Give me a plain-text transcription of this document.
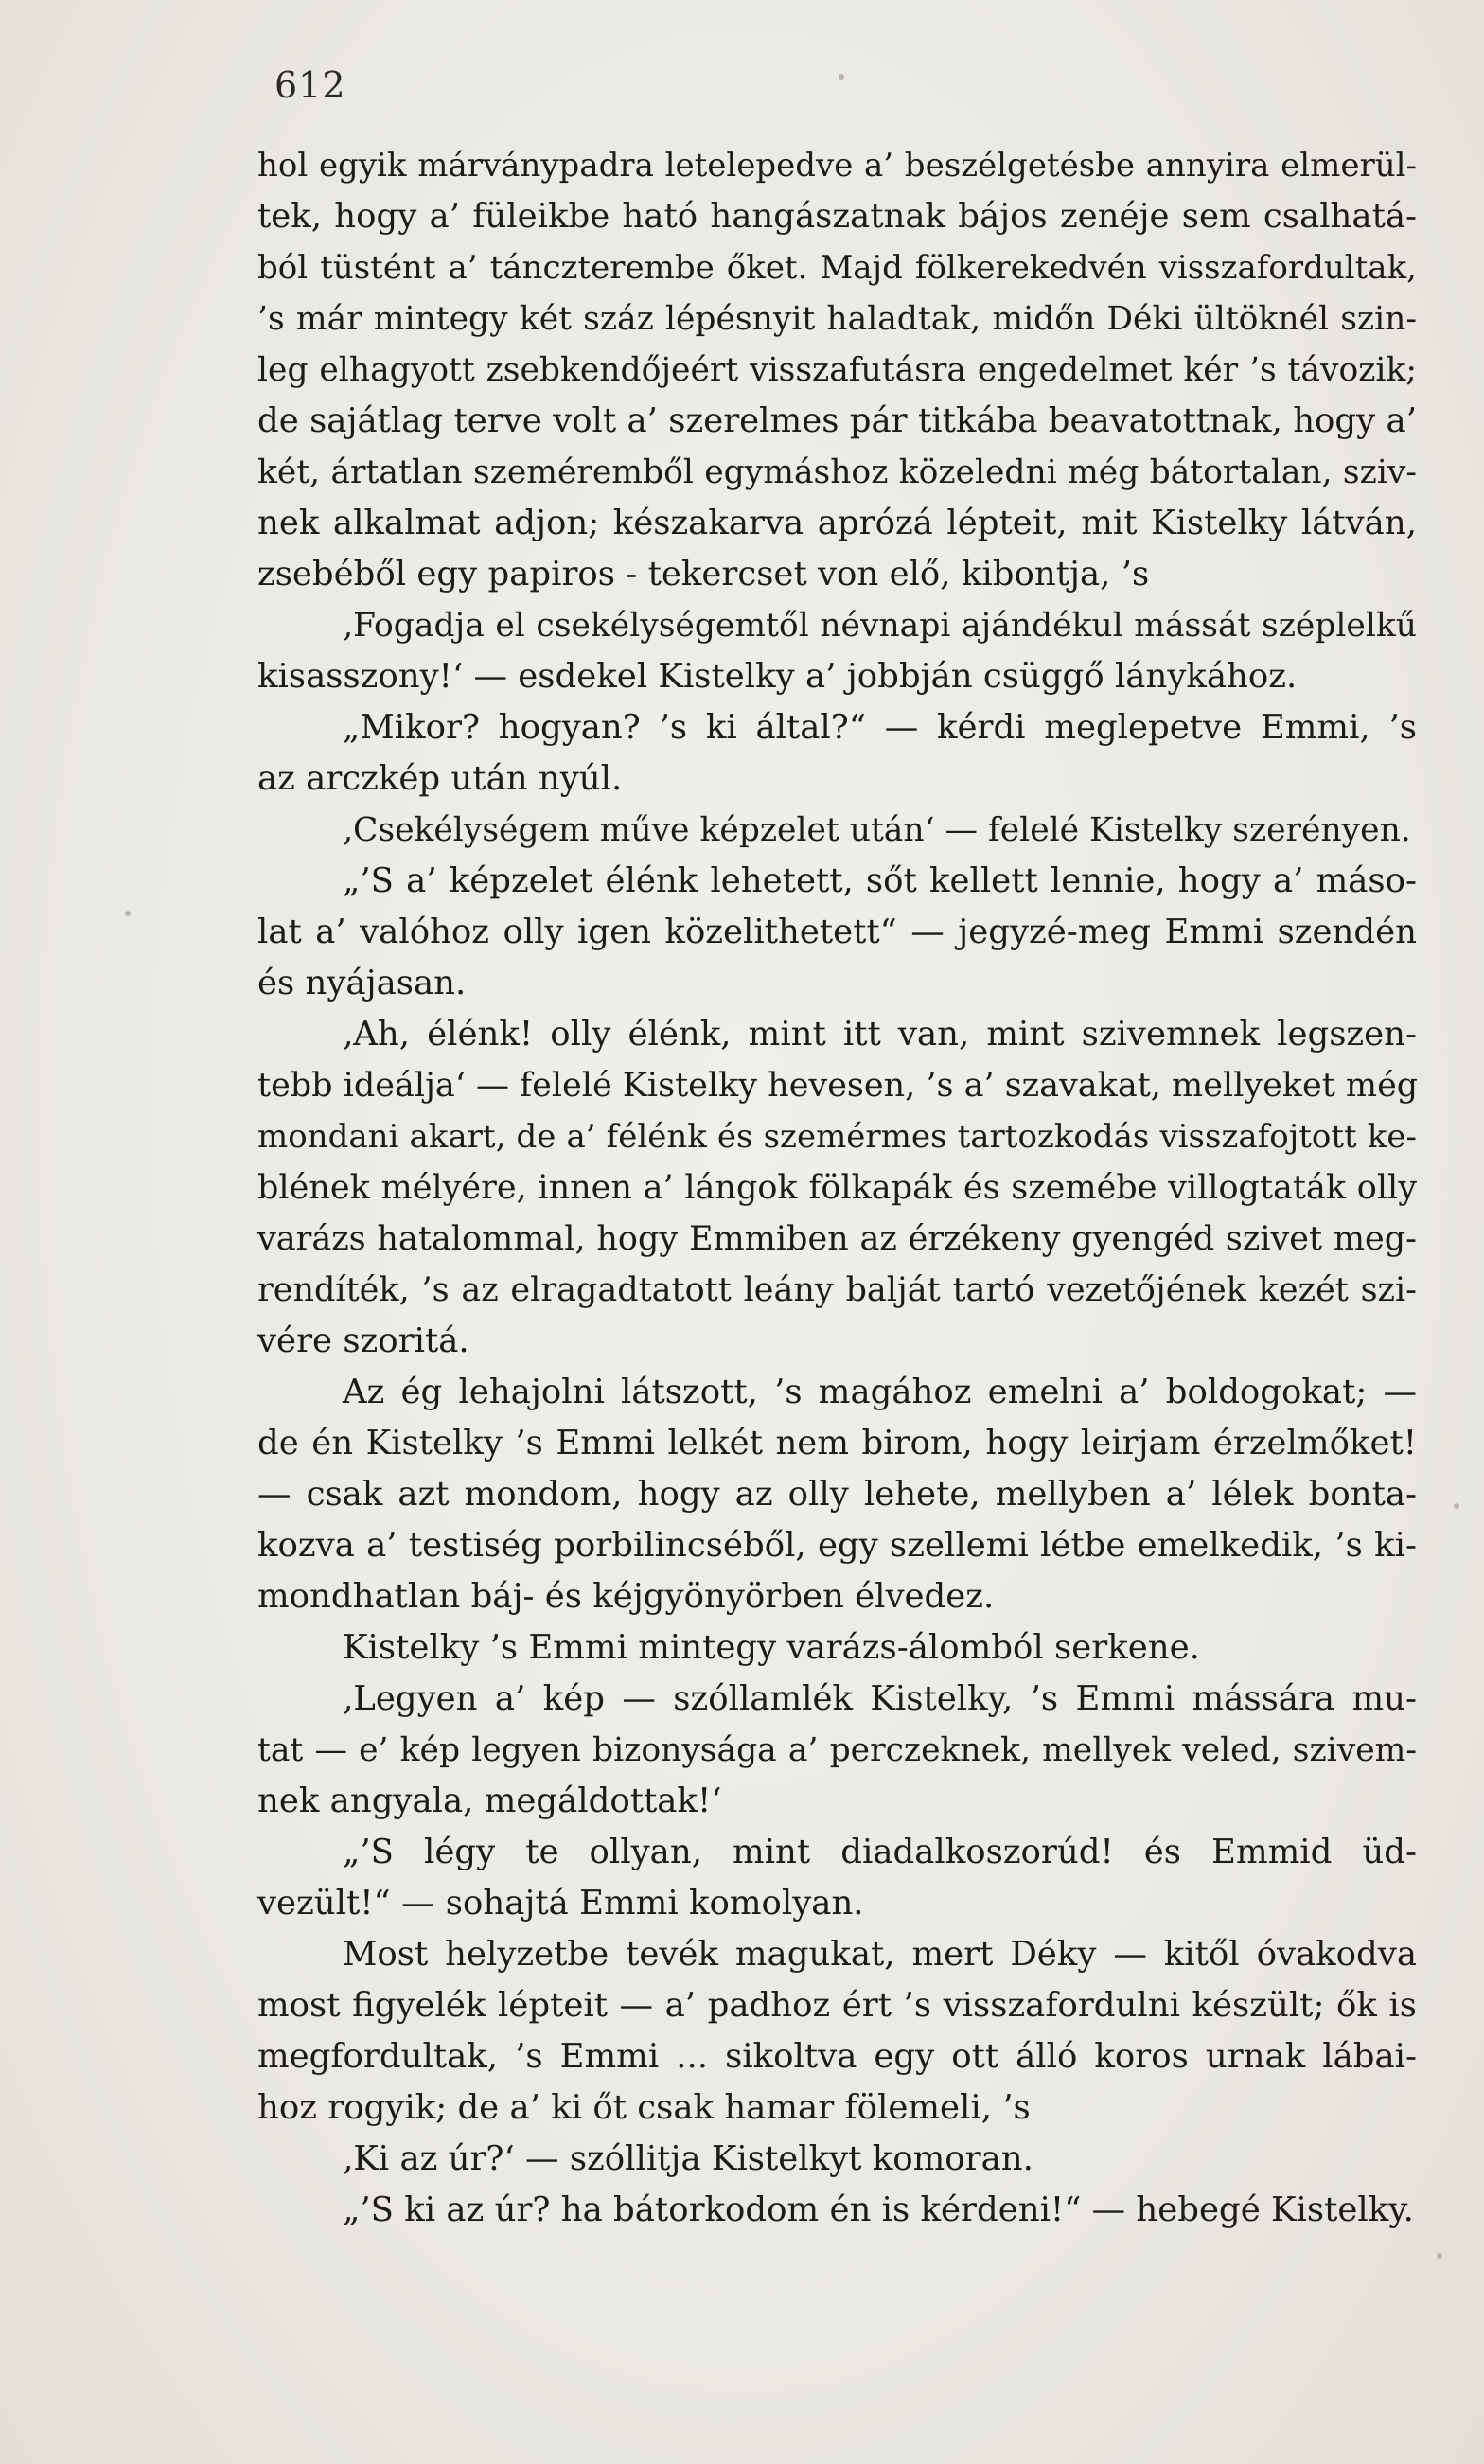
612
hol egyik márványpadra letelepedve a’ beszélgetésbe annyira elmerül-
tek, hogy a’ füleikbe ható hangászatnak bájos zenéje sem csalhatá-
ból tüstént a’ tánczterembe őket. Majd fölkerekedvén visszafordultak,
’s már mintegy két száz lépésnyit haladtak, midőn Déki ültöknél szin-
leg elhagyott zsebkendőjeért visszafutásra engedelmet kér ’s távozik;
de sajátlag terve volt a’ szerelmes pár titkába beavatottnak, hogy a’
két, ártatlan szeméremből egymáshoz közeledni még bátortalan, sziv-
nek alkalmat adjon; készakarva aprózá lépteit, mit Kistelky látván,
zsebéből egy papiros - tekercset von elő, kibontja, ’s
‚Fogadja el csekélységemtől névnapi ajándékul mássát széplelkű
kisasszony!‘ — esdekel Kistelky a’ jobbján csüggő lánykához.
„Mikor? hogyan? ’s ki által?“ — kérdi meglepetve Emmi, ’s
az arczkép után nyúl.
‚Csekélységem műve képzelet után‘ — felelé Kistelky szerényen.
„’S a’ képzelet élénk lehetett, sőt kellett lennie, hogy a’ máso-
lat a’ valóhoz olly igen közelithetett“ — jegyzé-meg Emmi szendén
és nyájasan.
‚Ah, élénk! olly élénk, mint itt van, mint szivemnek legszen-
tebb ideálja‘ — felelé Kistelky hevesen, ’s a’ szavakat, mellyeket még
mondani akart, de a’ félénk és szemérmes tartozkodás visszafojtott ke-
blének mélyére, innen a’ lángok fölkapák és szemébe villogtaták olly
varázs hatalommal, hogy Emmiben az érzékeny gyengéd szivet meg-
rendíték, ’s az elragadtatott leány balját tartó vezetőjének kezét szi-
vére szoritá.
Az ég lehajolni látszott, ’s magához emelni a’ boldogokat; —
de én Kistelky ’s Emmi lelkét nem birom, hogy leirjam érzelmőket!
— csak azt mondom, hogy az olly lehete, mellyben a’ lélek bonta-
kozva a’ testiség porbilincséből, egy szellemi létbe emelkedik, ’s ki-
mondhatlan báj- és kéjgyönyörben élvedez.
Kistelky ’s Emmi mintegy varázs-álomból serkene.
‚Legyen a’ kép — szóllamlék Kistelky, ’s Emmi mássára mu-
tat — e’ kép legyen bizonysága a’ perczeknek, mellyek veled, szivem-
nek angyala, megáldottak!‘
„’S légy te ollyan, mint diadalkoszorúd! és Emmid üd-
vezült!“ — sohajtá Emmi komolyan.
Most helyzetbe tevék magukat, mert Déky — kitől óvakodva
most figyelék lépteit — a’ padhoz ért ’s visszafordulni készült; ők is
megfordultak, ’s Emmi ... sikoltva egy ott álló koros urnak lábai-
hoz rogyik; de a’ ki őt csak hamar fölemeli, ’s
‚Ki az úr?‘ — szóllitja Kistelkyt komoran.
„’S ki az úr? ha bátorkodom én is kérdeni!“ — hebegé Kistelky.
